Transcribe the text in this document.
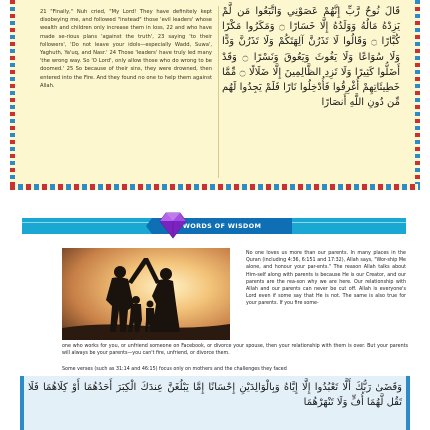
21 "Finally," Nuh cried, "My Lord! They have definitely kept disobeying me, and followed "instead" those 'evil leaders' whose wealth and children only increase them in loss, 22 and who have made se-rious plans 'against the truth', 23 saying 'to their followers', 'Do not leave your idols—especially Wadd, Suwa', Yaghuth, Ya'uq, and Nasr.' 24 Those 'leaders' have truly led many 'the wrong way. So 'O Lord', only allow those who do wrong to be doomed.' 25 So because of their sins, they were drowned, then entered into the Fire. And they found no one to help them against Allah.

قَالَ نُوحٌ رَّبِّ إِنَّهُمْ عَصَوْنِي وَاتَّبَعُوا مَن لَّمْ يَزِدْهُ مَالُهُ وَوَلَدُهُ إِلَّا خَسَارًا ۝ وَمَكَرُوا مَكْرًا كُبَّارًا ۝ وَقَالُوا لَا تَذَرُنَّ آلِهَتَكُمْ وَلَا تَذَرُنَّ وَدًّا وَلَا سُوَاعًا وَلَا يَغُوثَ وَيَعُوقَ وَنَسْرًا ۝ وَقَدْ أَضَلُّوا كَثِيرًا وَلَا تَزِدِ الظَّالِمِينَ إِلَّا ضَلَالًا ۝ مِّمَّا خَطِيئَاتِهِمْ أُغْرِقُوا فَأُدْخِلُوا نَارًا فَلَمْ يَجِدُوا لَهُم مِّن دُونِ اللَّهِ أَنصَارًا

WORDS OF WISDOM

No one loves us more than our parents. In many places in the Quran (including 4:36, 6:151 and 17:32), Allah says, "Wor-ship Me alone, and honour your par-ents." The reason Allah talks about Him-self along with parents is because He is our Creator, and our parents are the rea-son why we are here. Our relationship with Allah and our parents can never be cut off. Allah is everyone's Lord even if some say that He is not. The same is also true for your parents. If you fire some-

one who works for you, or unfriend someone on Facebook, or divorce your spouse, then your relationship with them is over. But your parents will always be your parents—you can't fire, unfriend, or divorce them.

Some verses (such as 31:14 and 46:15) focus only on mothers and the challenges they faced

وَقَضَىٰ رَبُّكَ أَلَّا تَعْبُدُوا إِلَّا إِيَّاهُ وَبِالْوَالِدَيْنِ إِحْسَانًا إِمَّا يَبْلُغَنَّ عِندَكَ الْكِبَرَ أَحَدُهُمَا أَوْ كِلَاهُمَا فَلَا تَقُل لَّهُمَا أُفٍّ وَلَا تَنْهَرْهُمَا
